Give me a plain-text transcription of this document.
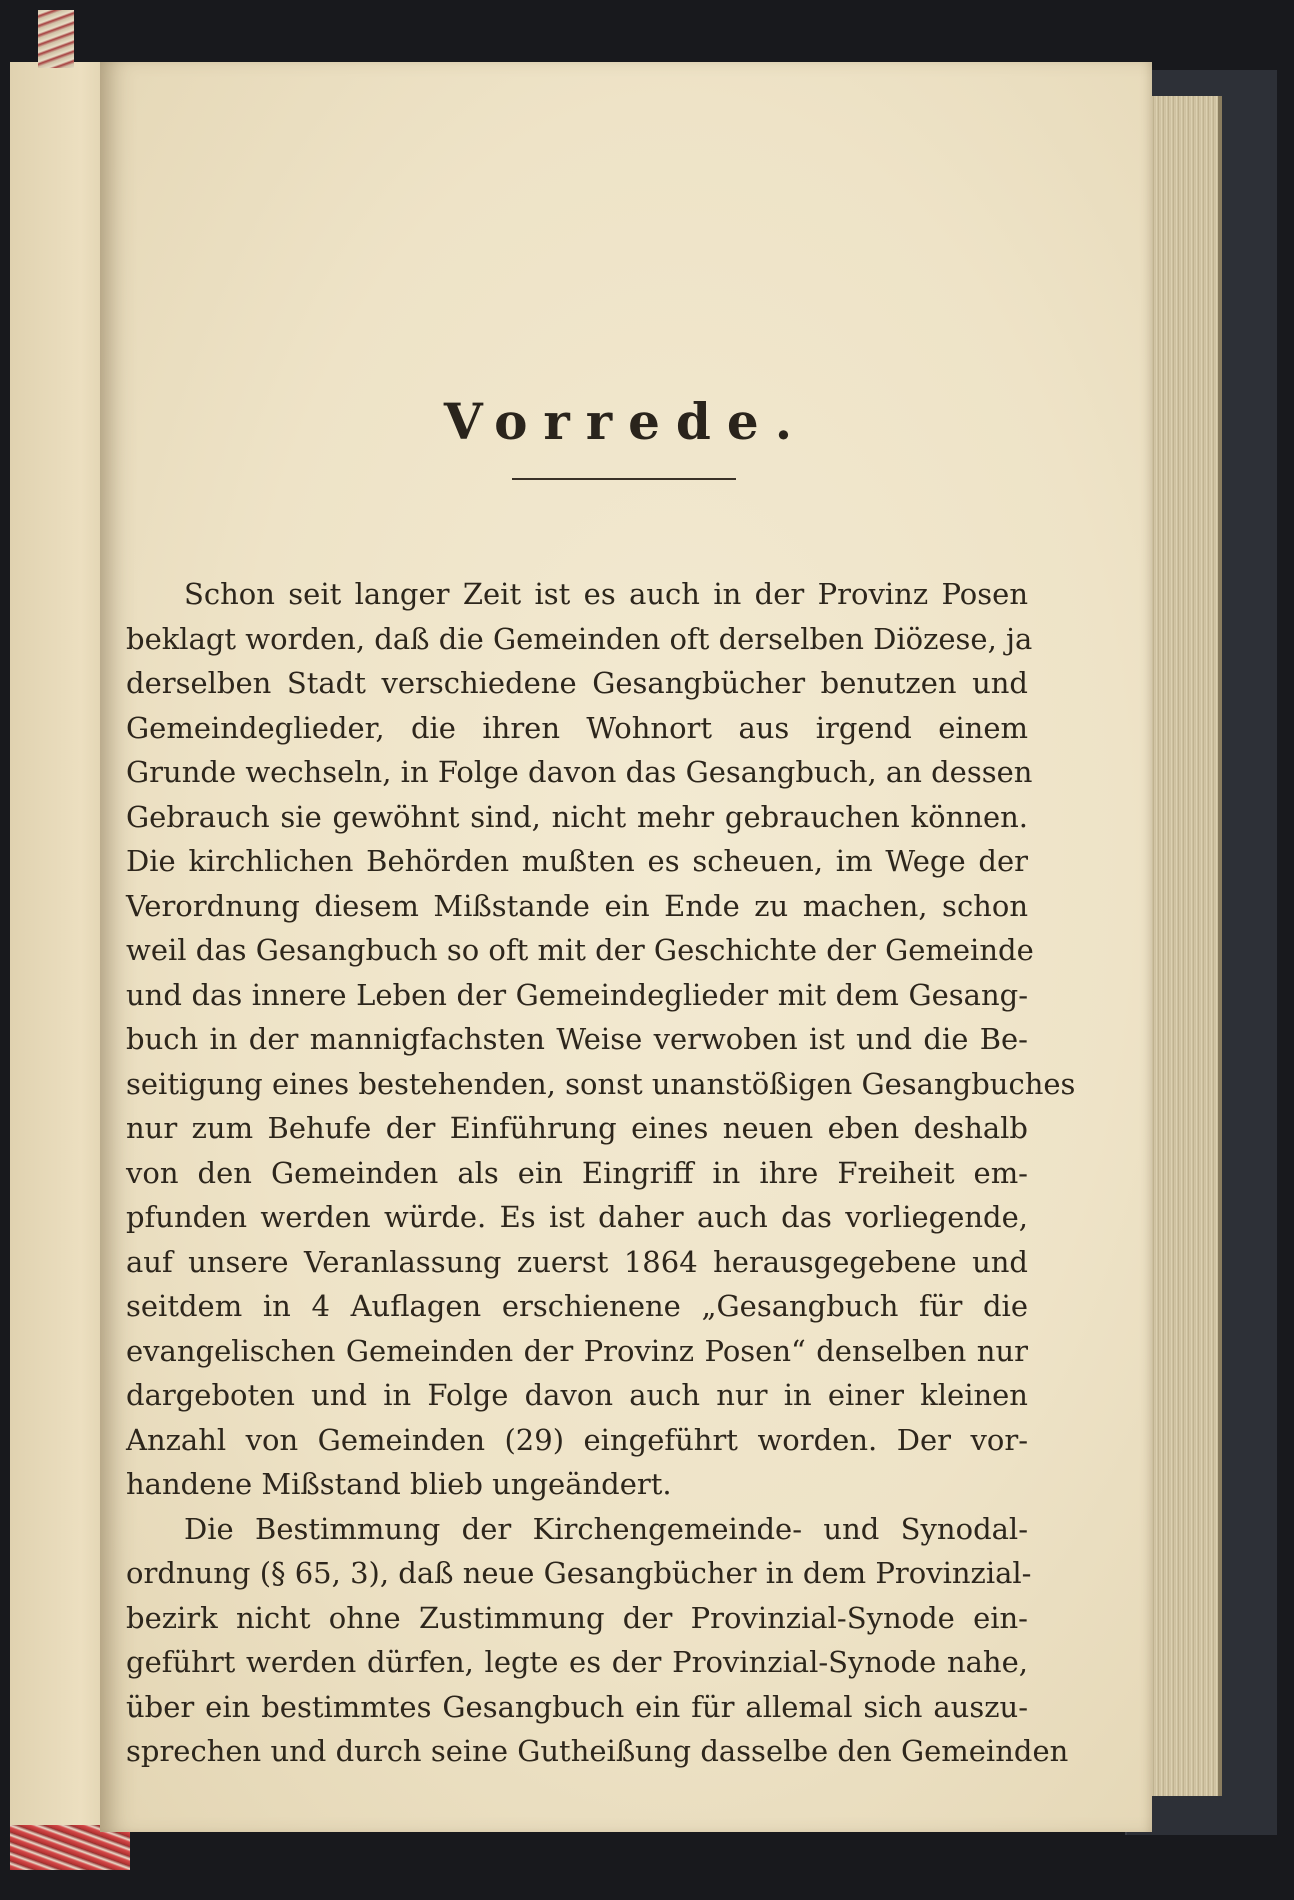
Vorrede.
Schon seit langer Zeit ist es auch in der Provinz Posen
beklagt worden, daß die Gemeinden oft derselben Diözese, ja
derselben Stadt verschiedene Gesangbücher benutzen und
Gemeindeglieder, die ihren Wohnort aus irgend einem
Grunde wechseln, in Folge davon das Gesangbuch, an dessen
Gebrauch sie gewöhnt sind, nicht mehr gebrauchen können.
Die kirchlichen Behörden mußten es scheuen, im Wege der
Verordnung diesem Mißstande ein Ende zu machen, schon
weil das Gesangbuch so oft mit der Geschichte der Gemeinde
und das innere Leben der Gemeindeglieder mit dem Gesang-
buch in der mannigfachsten Weise verwoben ist und die Be-
seitigung eines bestehenden, sonst unanstößigen Gesangbuches
nur zum Behufe der Einführung eines neuen eben deshalb
von den Gemeinden als ein Eingriff in ihre Freiheit em-
pfunden werden würde. Es ist daher auch das vorliegende,
auf unsere Veranlassung zuerst 1864 herausgegebene und
seitdem in 4 Auflagen erschienene „Gesangbuch für die
evangelischen Gemeinden der Provinz Posen“ denselben nur
dargeboten und in Folge davon auch nur in einer kleinen
Anzahl von Gemeinden (29) eingeführt worden. Der vor-
handene Mißstand blieb ungeändert.
Die Bestimmung der Kirchengemeinde- und Synodal-
ordnung (§ 65, 3), daß neue Gesangbücher in dem Provinzial-
bezirk nicht ohne Zustimmung der Provinzial-Synode ein-
geführt werden dürfen, legte es der Provinzial-Synode nahe,
über ein bestimmtes Gesangbuch ein für allemal sich auszu-
sprechen und durch seine Gutheißung dasselbe den Gemeinden
